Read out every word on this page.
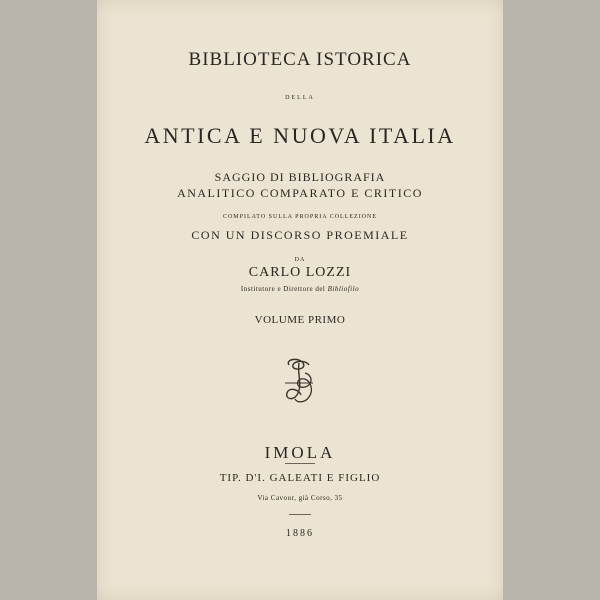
BIBLIOTECA ISTORICA
DELLA
ANTICA E NUOVA ITALIA
SAGGIO DI BIBLIOGRAFIA
ANALITICO COMPARATO E CRITICO
COMPILATO SULLA PROPRIA COLLEZIONE
CON UN DISCORSO PROEMIALE
DA
CARLO LOZZI
Institutore e Direttore del Bibliofilo
VOLUME PRIMO
IMOLA
TIP. D'I. GALEATI E FIGLIO
Via Cavour, già Corso, 35
1886
